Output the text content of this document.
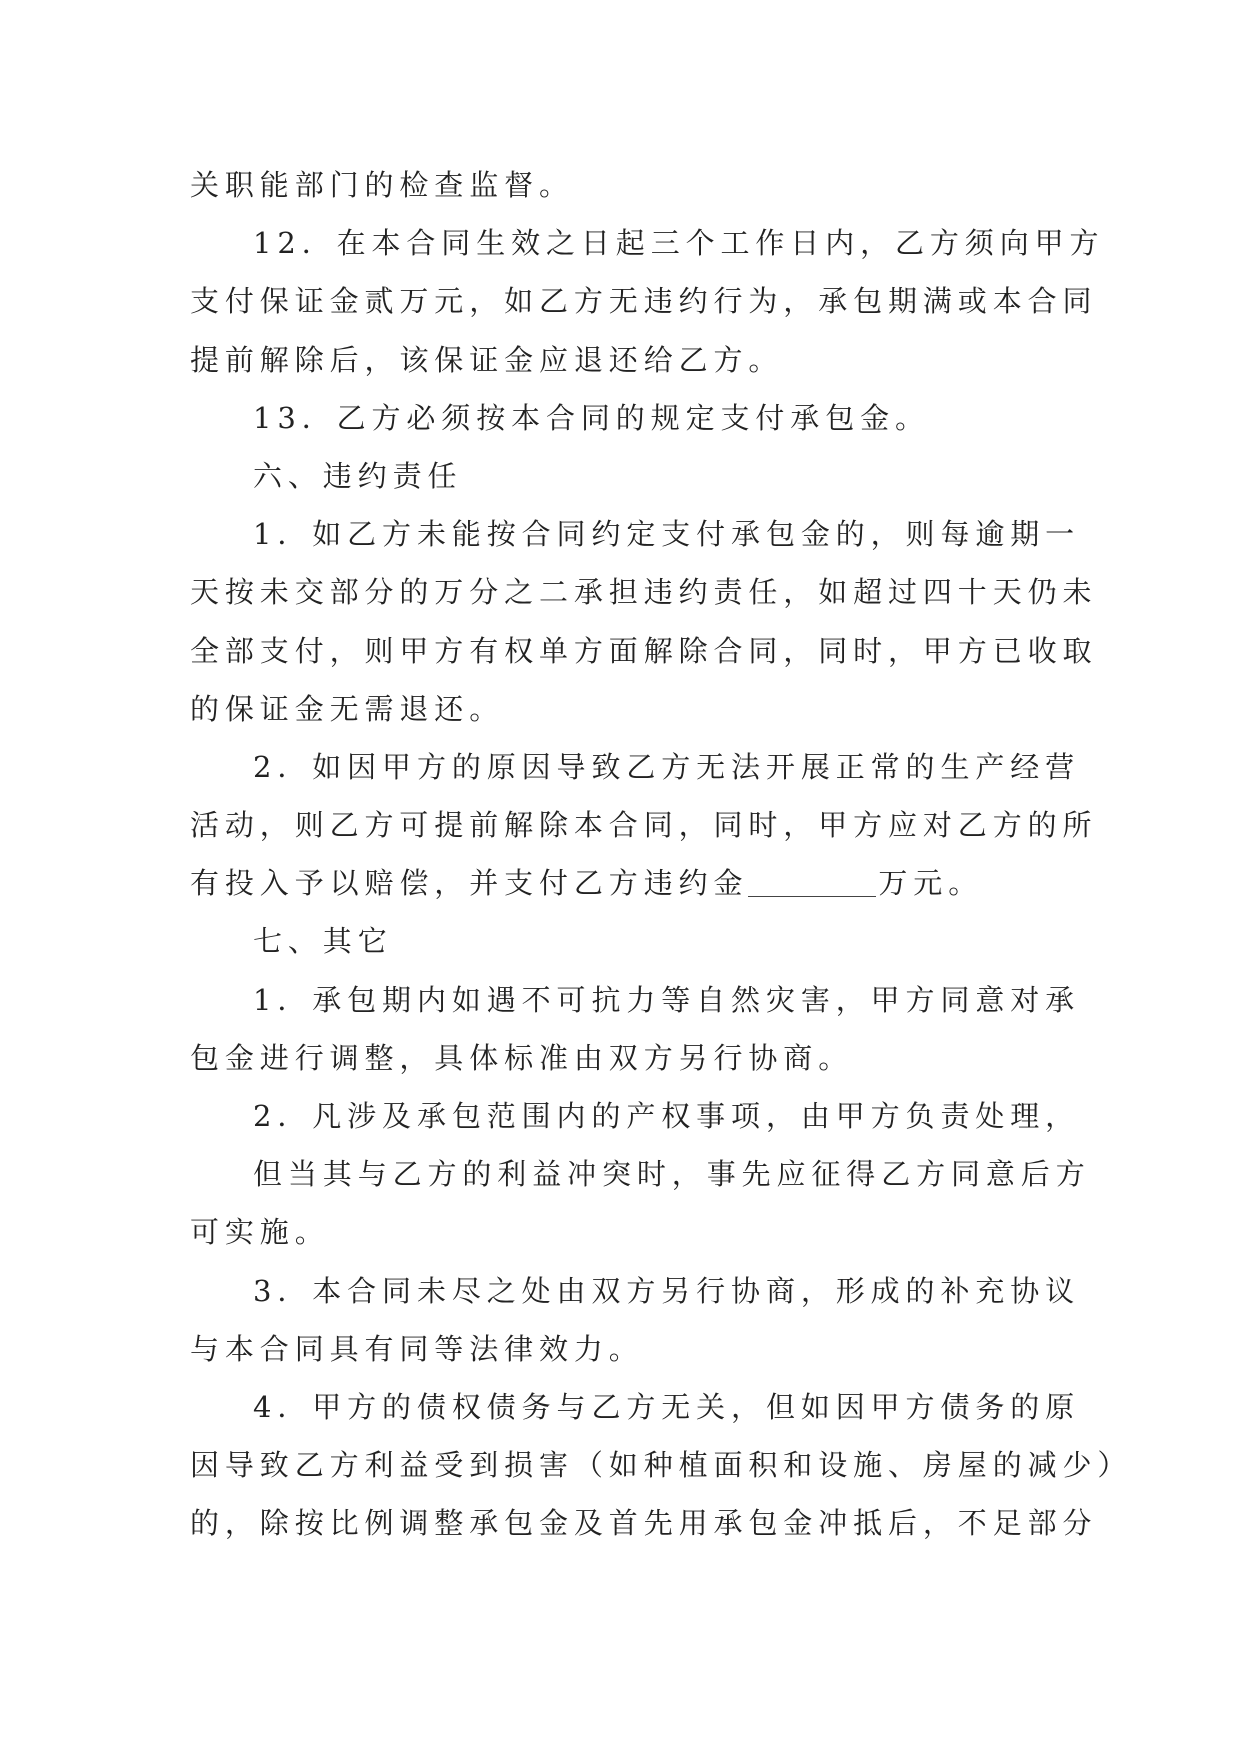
关职能部门的检查监督。
12．在本合同生效之日起三个工作日内，乙方须向甲方
支付保证金贰万元，如乙方无违约行为，承包期满或本合同
提前解除后，该保证金应退还给乙方。
13．乙方必须按本合同的规定支付承包金。
六、违约责任
1．如乙方未能按合同约定支付承包金的，则每逾期一
天按未交部分的万分之二承担违约责任，如超过四十天仍未
全部支付，则甲方有权单方面解除合同，同时，甲方已收取
的保证金无需退还。
2．如因甲方的原因导致乙方无法开展正常的生产经营
活动，则乙方可提前解除本合同，同时，甲方应对乙方的所
有投入予以赔偿，并支付乙方违约金	万元。
七、其它
1．承包期内如遇不可抗力等自然灾害，甲方同意对承
包金进行调整，具体标准由双方另行协商。
2．凡涉及承包范围内的产权事项，由甲方负责处理，
但当其与乙方的利益冲突时，事先应征得乙方同意后方
可实施。
3．本合同未尽之处由双方另行协商，形成的补充协议
与本合同具有同等法律效力。
4．甲方的债权债务与乙方无关，但如因甲方债务的原
因导致乙方利益受到损害（如种植面积和设施、房屋的减少）
的，除按比例调整承包金及首先用承包金冲抵后，不足部分
